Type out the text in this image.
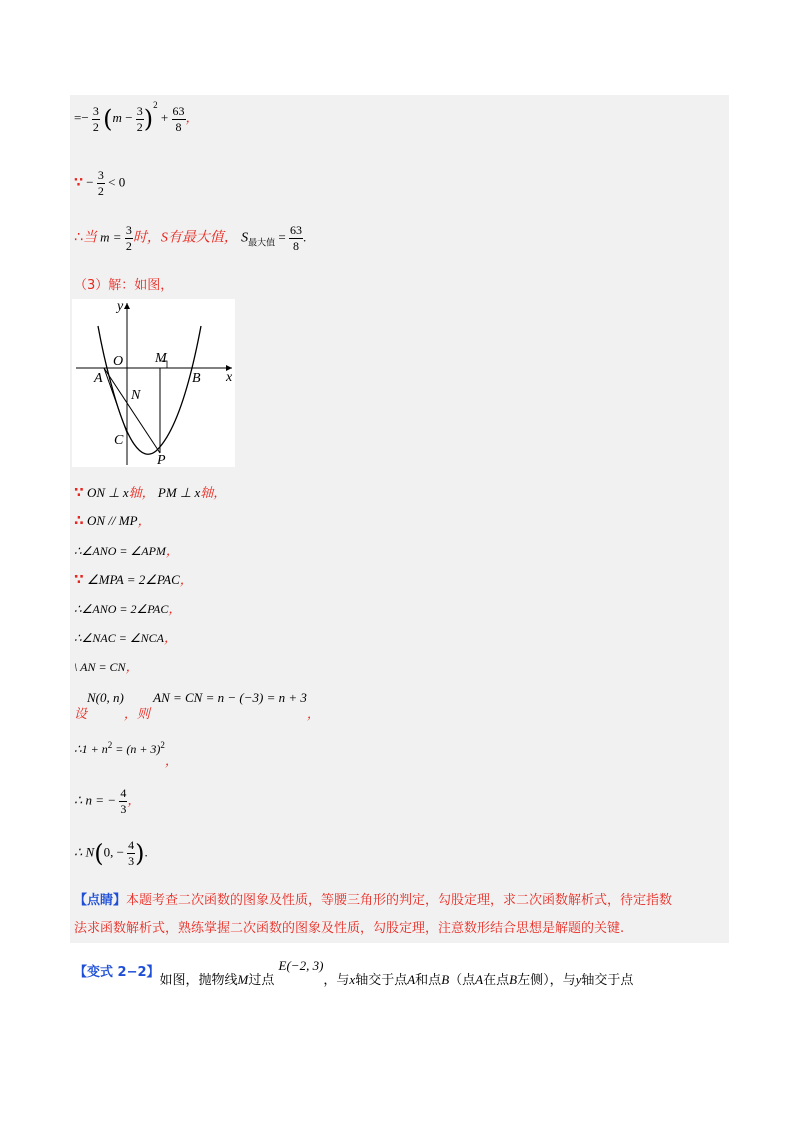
=− $\frac{3}{2} (m - \frac{3}{2} )^2 + \frac{63}{8}$ ，
∵ − $\frac{3}{2} < 0$
∴当 $m = \frac{3}{2}$ 时，S有最大值， $S_{最大值} = \frac{63}{8}$ .
（3）解：如图，
y
x
O M
A	B
N
C
P
∵ ON ⊥ x轴， PM ⊥ x轴，
∴ ON // MP，
∴∠ANO = ∠APM，
∵ ∠MPA = 2∠PAC，
∴∠ANO = 2∠PAC，
∴∠NAC = ∠NCA，
\ AN = CN，
设N(0, n)，则 AN = CN = n − (−3) = n + 3，
∴1 + $n^2 = (n + 3)^2$，
∴ n = − $\frac{4}{3}$ ，
∴ N(0, − $\frac{4}{3}$ ).
【点睛】本题考查二次函数的图象及性质，等腰三角形的判定，勾股定理，求二次函数解析式，待定指数
法求函数解析式，熟练掌握二次函数的图象及性质，勾股定理，注意数形结合思想是解题的关键.
【变式 2−2】如图，抛物线M过点 E(−2, 3)，与x轴交于点A和点B（点A在点B左侧），与y轴交于点
